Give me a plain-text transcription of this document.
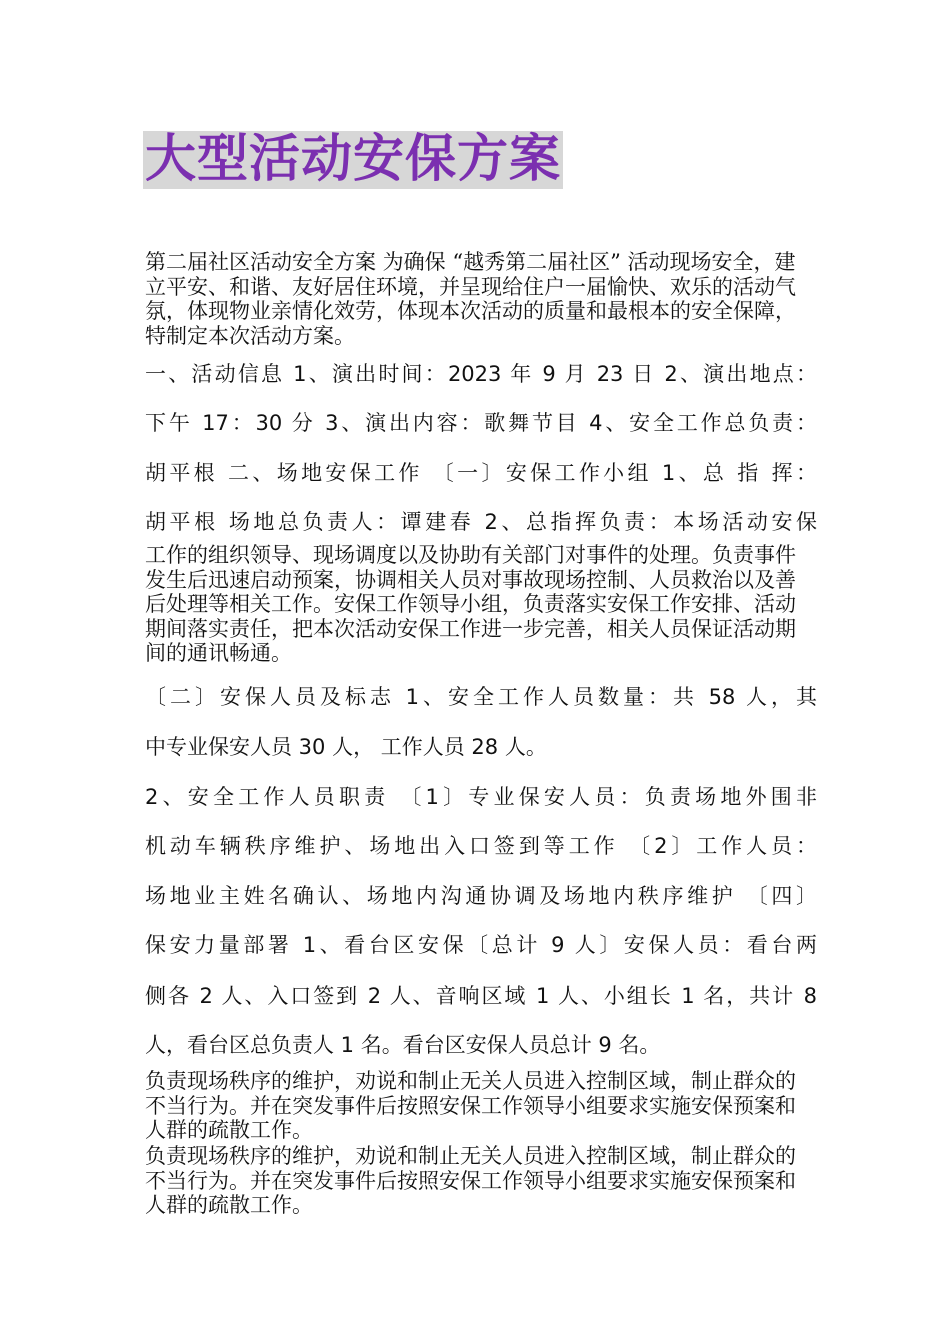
大型活动安保方案

第二届社区活动安全方案 为确保 “越秀第二届社区” 活动现场安全，建立平安、和谐、友好居住环境，并呈现给住户一届愉快、欢乐的活动气氛，体现物业亲情化效劳，体现本次活动的质量和最根本的安全保障，特制定本次活动方案。

一、活动信息 1、演出时间：2023 年 9 月 23 日 2、演出地点：

下午 17：30 分 3、演出内容：歌舞节目 4、安全工作总负责：

胡平根 二、场地安保工作 〔一〕安保工作小组 1、总 指 挥：

胡平根 场地总负责人：谭建春 2、总指挥负责：本场活动安保

工作的组织领导、现场调度以及协助有关部门对事件的处理。负责事件发生后迅速启动预案，协调相关人员对事故现场控制、人员救治以及善后处理等相关工作。安保工作领导小组，负责落实安保工作安排、活动期间落实责任，把本次活动安保工作进一步完善，相关人员保证活动期间的通讯畅通。

〔二〕安保人员及标志 1、安全工作人员数量：共 58 人，其

中专业保安人员 30 人， 工作人员 28 人。

2、安全工作人员职责 〔1〕专业保安人员：负责场地外围非

机动车辆秩序维护、场地出入口签到等工作 〔2〕工作人员：

场地业主姓名确认、场地内沟通协调及场地内秩序维护 〔四〕

保安力量部署 1、看台区安保〔总计 9 人〕安保人员：看台两

侧各 2 人、入口签到 2 人、音响区域 1 人、小组长 1 名，共计 8

人，看台区总负责人 1 名。看台区安保人员总计 9 名。

负责现场秩序的维护，劝说和制止无关人员进入控制区域，制止群众的不当行为。并在突发事件后按照安保工作领导小组要求实施安保预案和人群的疏散工作。

负责现场秩序的维护，劝说和制止无关人员进入控制区域，制止群众的不当行为。并在突发事件后按照安保工作领导小组要求实施安保预案和人群的疏散工作。
